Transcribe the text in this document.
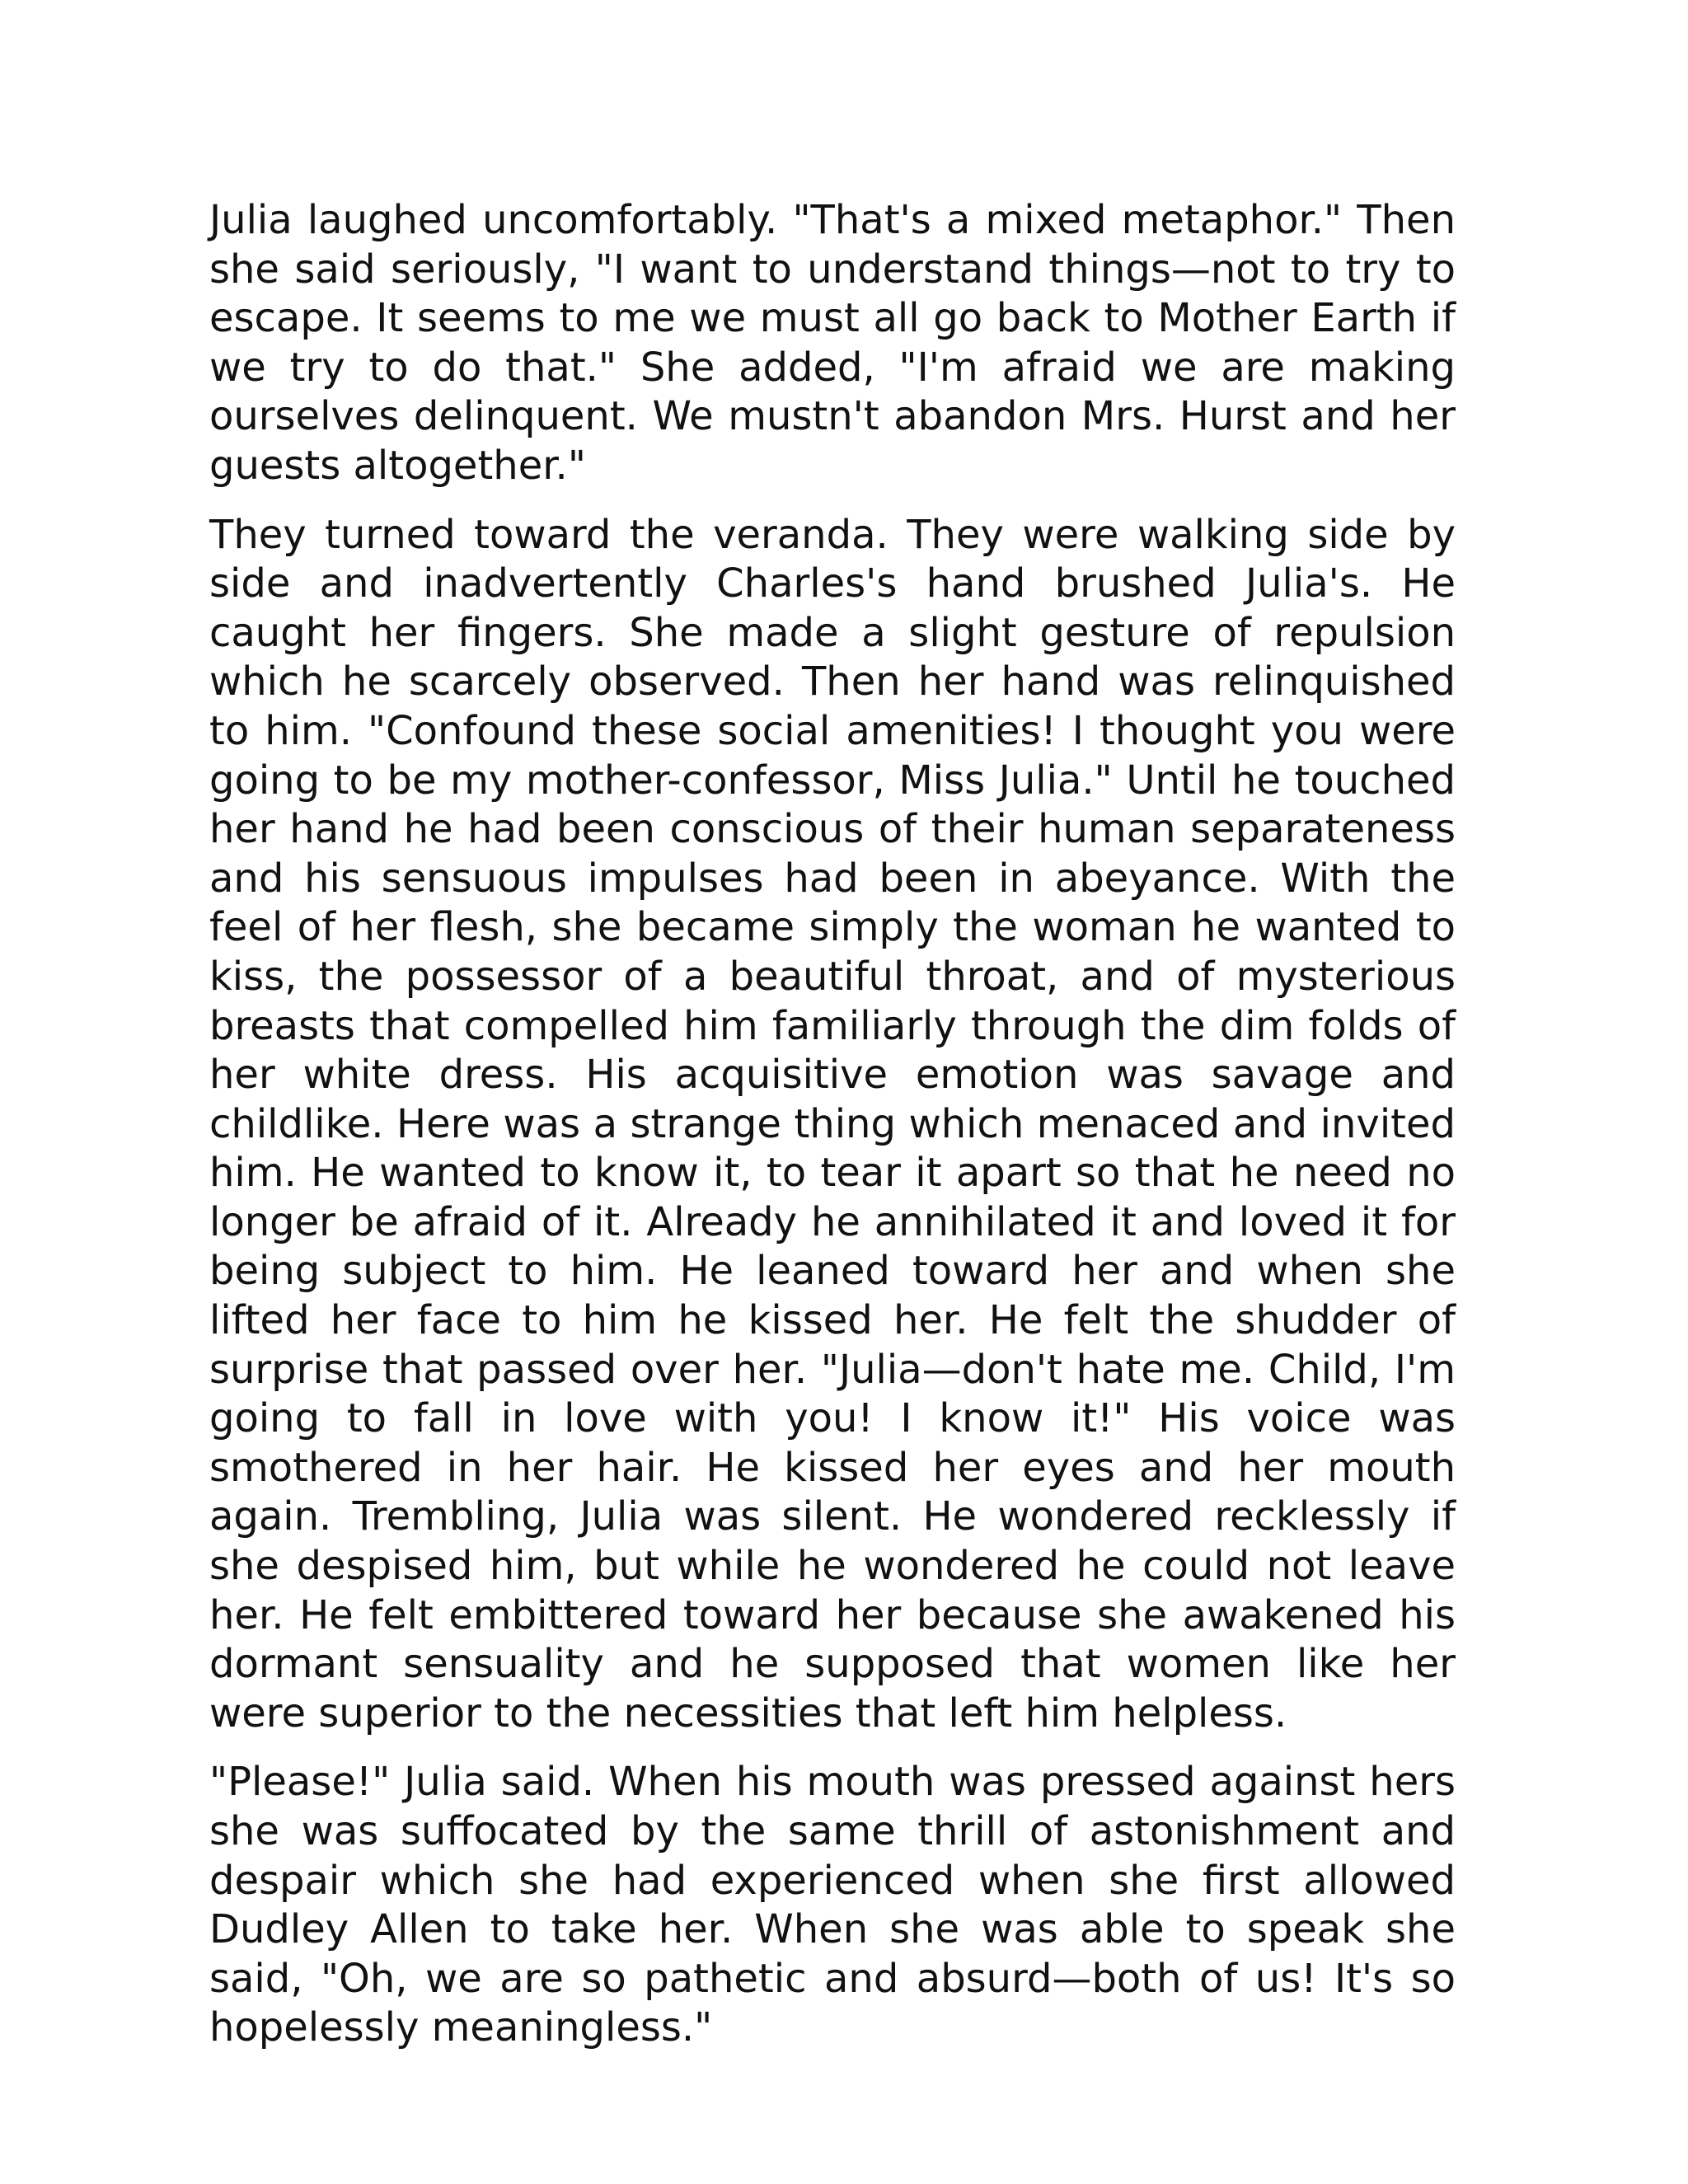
Julia laughed uncomfortably. "That's a mixed metaphor." Then she said seriously, "I want to understand things—not to try to escape. It seems to me we must all go back to Mother Earth if we try to do that." She added, "I'm afraid we are making ourselves delinquent. We mustn't abandon Mrs. Hurst and her guests altogether."

They turned toward the veranda. They were walking side by side and inadvertently Charles's hand brushed Julia's. He caught her fingers. She made a slight gesture of repulsion which he scarcely observed. Then her hand was relinquished to him. "Confound these social amenities! I thought you were going to be my mother-confessor, Miss Julia." Until he touched her hand he had been conscious of their human separateness and his sensuous impulses had been in abeyance. With the feel of her flesh, she became simply the woman he wanted to kiss, the possessor of a beautiful throat, and of mysterious breasts that compelled him familiarly through the dim folds of her white dress. His acquisitive emotion was savage and childlike. Here was a strange thing which menaced and invited him. He wanted to know it, to tear it apart so that he need no longer be afraid of it. Already he annihilated it and loved it for being subject to him. He leaned toward her and when she lifted her face to him he kissed her. He felt the shudder of surprise that passed over her. "Julia—don't hate me. Child, I'm going to fall in love with you! I know it!" His voice was smothered in her hair. He kissed her eyes and her mouth again. Trembling, Julia was silent. He wondered recklessly if she despised him, but while he wondered he could not leave her. He felt embittered toward her because she awakened his dormant sensuality and he supposed that women like her were superior to the necessities that left him helpless.

"Please!" Julia said. When his mouth was pressed against hers she was suffocated by the same thrill of astonishment and despair which she had experienced when she first allowed Dudley Allen to take her. When she was able to speak she said, "Oh, we are so pathetic and absurd—both of us! It's so hopelessly meaningless."
